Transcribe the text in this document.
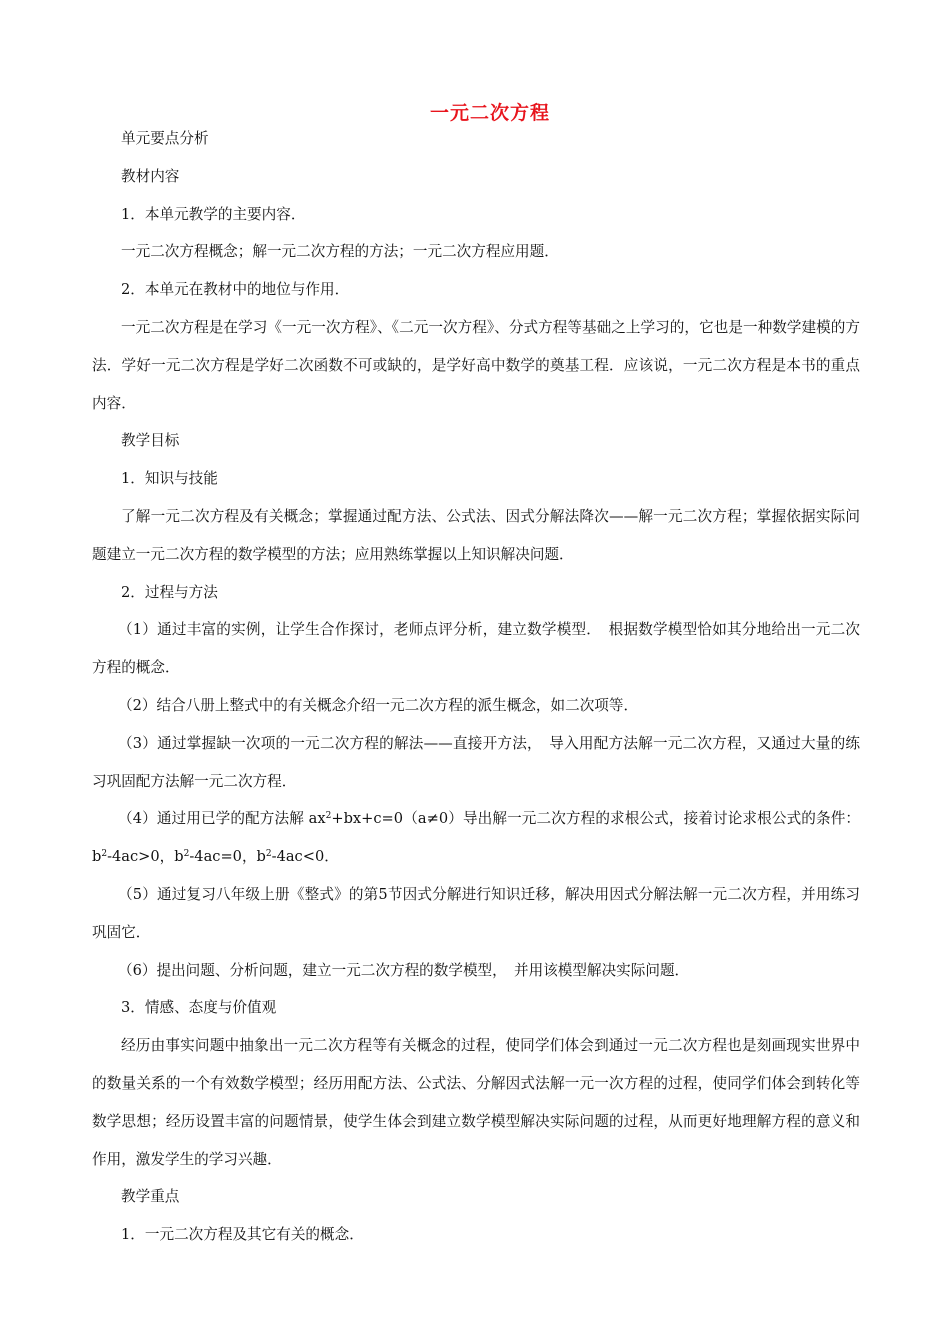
一元二次方程

单元要点分析

教材内容

1．本单元教学的主要内容．

一元二次方程概念；解一元二次方程的方法；一元二次方程应用题．

2．本单元在教材中的地位与作用．

一元二次方程是在学习《一元一次方程》、《二元一次方程》、分式方程等基础之上学习的，它也是一种数学建模的方法．学好一元二次方程是学好二次函数不可或缺的，是学好高中数学的奠基工程．应该说，一元二次方程是本书的重点内容．

教学目标

1．知识与技能

了解一元二次方程及有关概念；掌握通过配方法、公式法、因式分解法降次——解一元二次方程；掌握依据实际问题建立一元二次方程的数学模型的方法；应用熟练掌握以上知识解决问题．

2．过程与方法

（1）通过丰富的实例，让学生合作探讨，老师点评分析，建立数学模型．　根据数学模型恰如其分地给出一元二次方程的概念．

（2）结合八册上整式中的有关概念介绍一元二次方程的派生概念，如二次项等．

（3）通过掌握缺一次项的一元二次方程的解法——直接开方法，　导入用配方法解一元二次方程，又通过大量的练习巩固配方法解一元二次方程．

（4）通过用已学的配方法解 $ax^2+bx+c=0(a\ne 0)$导出解一元二次方程的求根公式，接着讨论求根公式的条件：$b^2-4ac>0$，$b^2-4ac=0$，$b^2-4ac<0$．

（5）通过复习八年级上册《整式》的第5节因式分解进行知识迁移，解决用因式分解法解一元二次方程，并用练习巩固它．

（6）提出问题、分析问题，建立一元二次方程的数学模型，　并用该模型解决实际问题．

3．情感、态度与价值观

经历由事实问题中抽象出一元二次方程等有关概念的过程，使同学们体会到通过一元二次方程也是刻画现实世界中的数量关系的一个有效数学模型；经历用配方法、公式法、分解因式法解一元一次方程的过程，使同学们体会到转化等数学思想；经历设置丰富的问题情景，使学生体会到建立数学模型解决实际问题的过程，从而更好地理解方程的意义和作用，激发学生的学习兴趣．

教学重点

1．一元二次方程及其它有关的概念．
